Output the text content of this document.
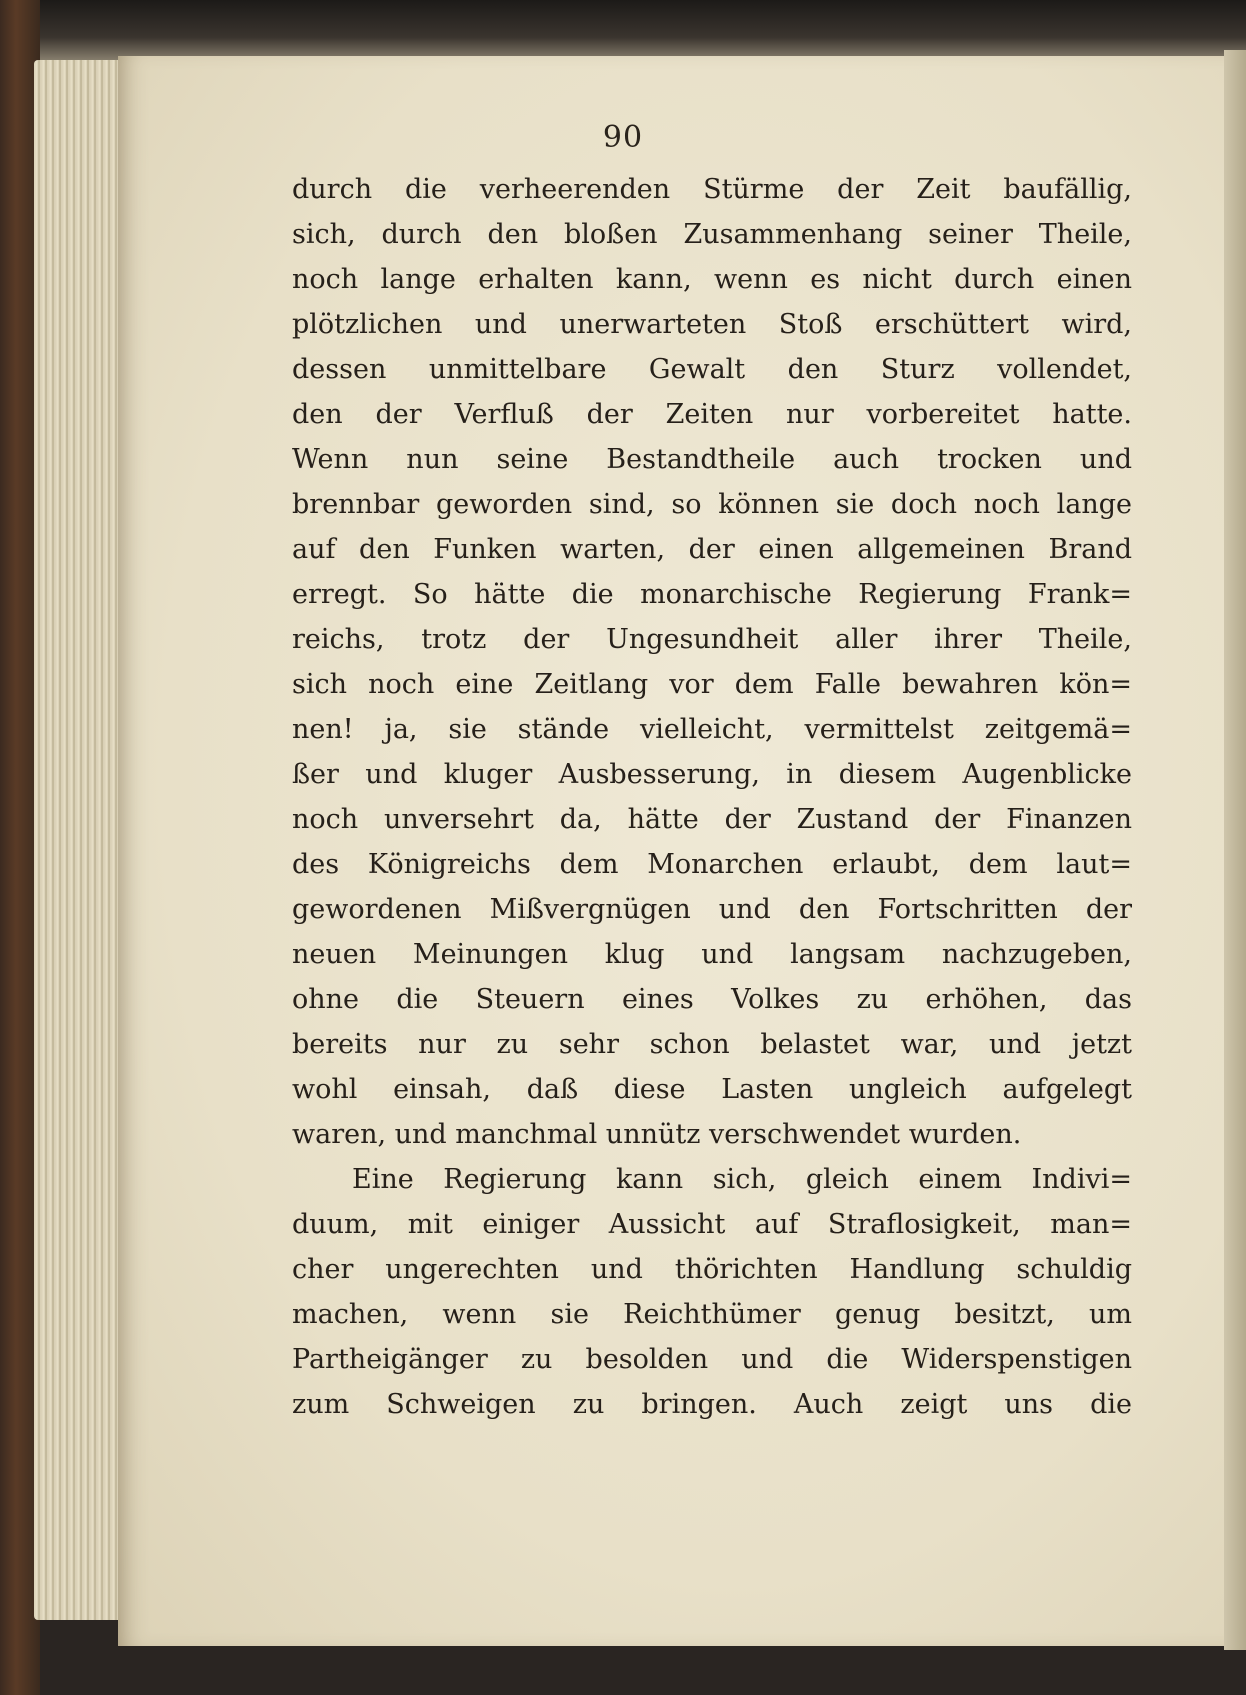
90
durch die verheerenden Stürme der Zeit baufällig,
sich, durch den bloßen Zusammenhang seiner Theile,
noch lange erhalten kann, wenn es nicht durch einen
plötzlichen und unerwarteten Stoß erschüttert wird,
dessen unmittelbare Gewalt den Sturz vollendet,
den der Verfluß der Zeiten nur vorbereitet hatte.
Wenn nun seine Bestandtheile auch trocken und
brennbar geworden sind, so können sie doch noch lange
auf den Funken warten, der einen allgemeinen Brand
erregt. So hätte die monarchische Regierung Frank=
reichs, trotz der Ungesundheit aller ihrer Theile,
sich noch eine Zeitlang vor dem Falle bewahren kön=
nen! ja, sie stände vielleicht, vermittelst zeitgemä=
ßer und kluger Ausbesserung, in diesem Augenblicke
noch unversehrt da, hätte der Zustand der Finanzen
des Königreichs dem Monarchen erlaubt, dem laut=
gewordenen Mißvergnügen und den Fortschritten der
neuen Meinungen klug und langsam nachzugeben,
ohne die Steuern eines Volkes zu erhöhen, das
bereits nur zu sehr schon belastet war, und jetzt
wohl einsah, daß diese Lasten ungleich aufgelegt
waren, und manchmal unnütz verschwendet wurden.
Eine Regierung kann sich, gleich einem Indivi=
duum, mit einiger Aussicht auf Straflosigkeit, man=
cher ungerechten und thörichten Handlung schuldig
machen, wenn sie Reichthümer genug besitzt, um
Partheigänger zu besolden und die Widerspenstigen
zum Schweigen zu bringen. Auch zeigt uns die
